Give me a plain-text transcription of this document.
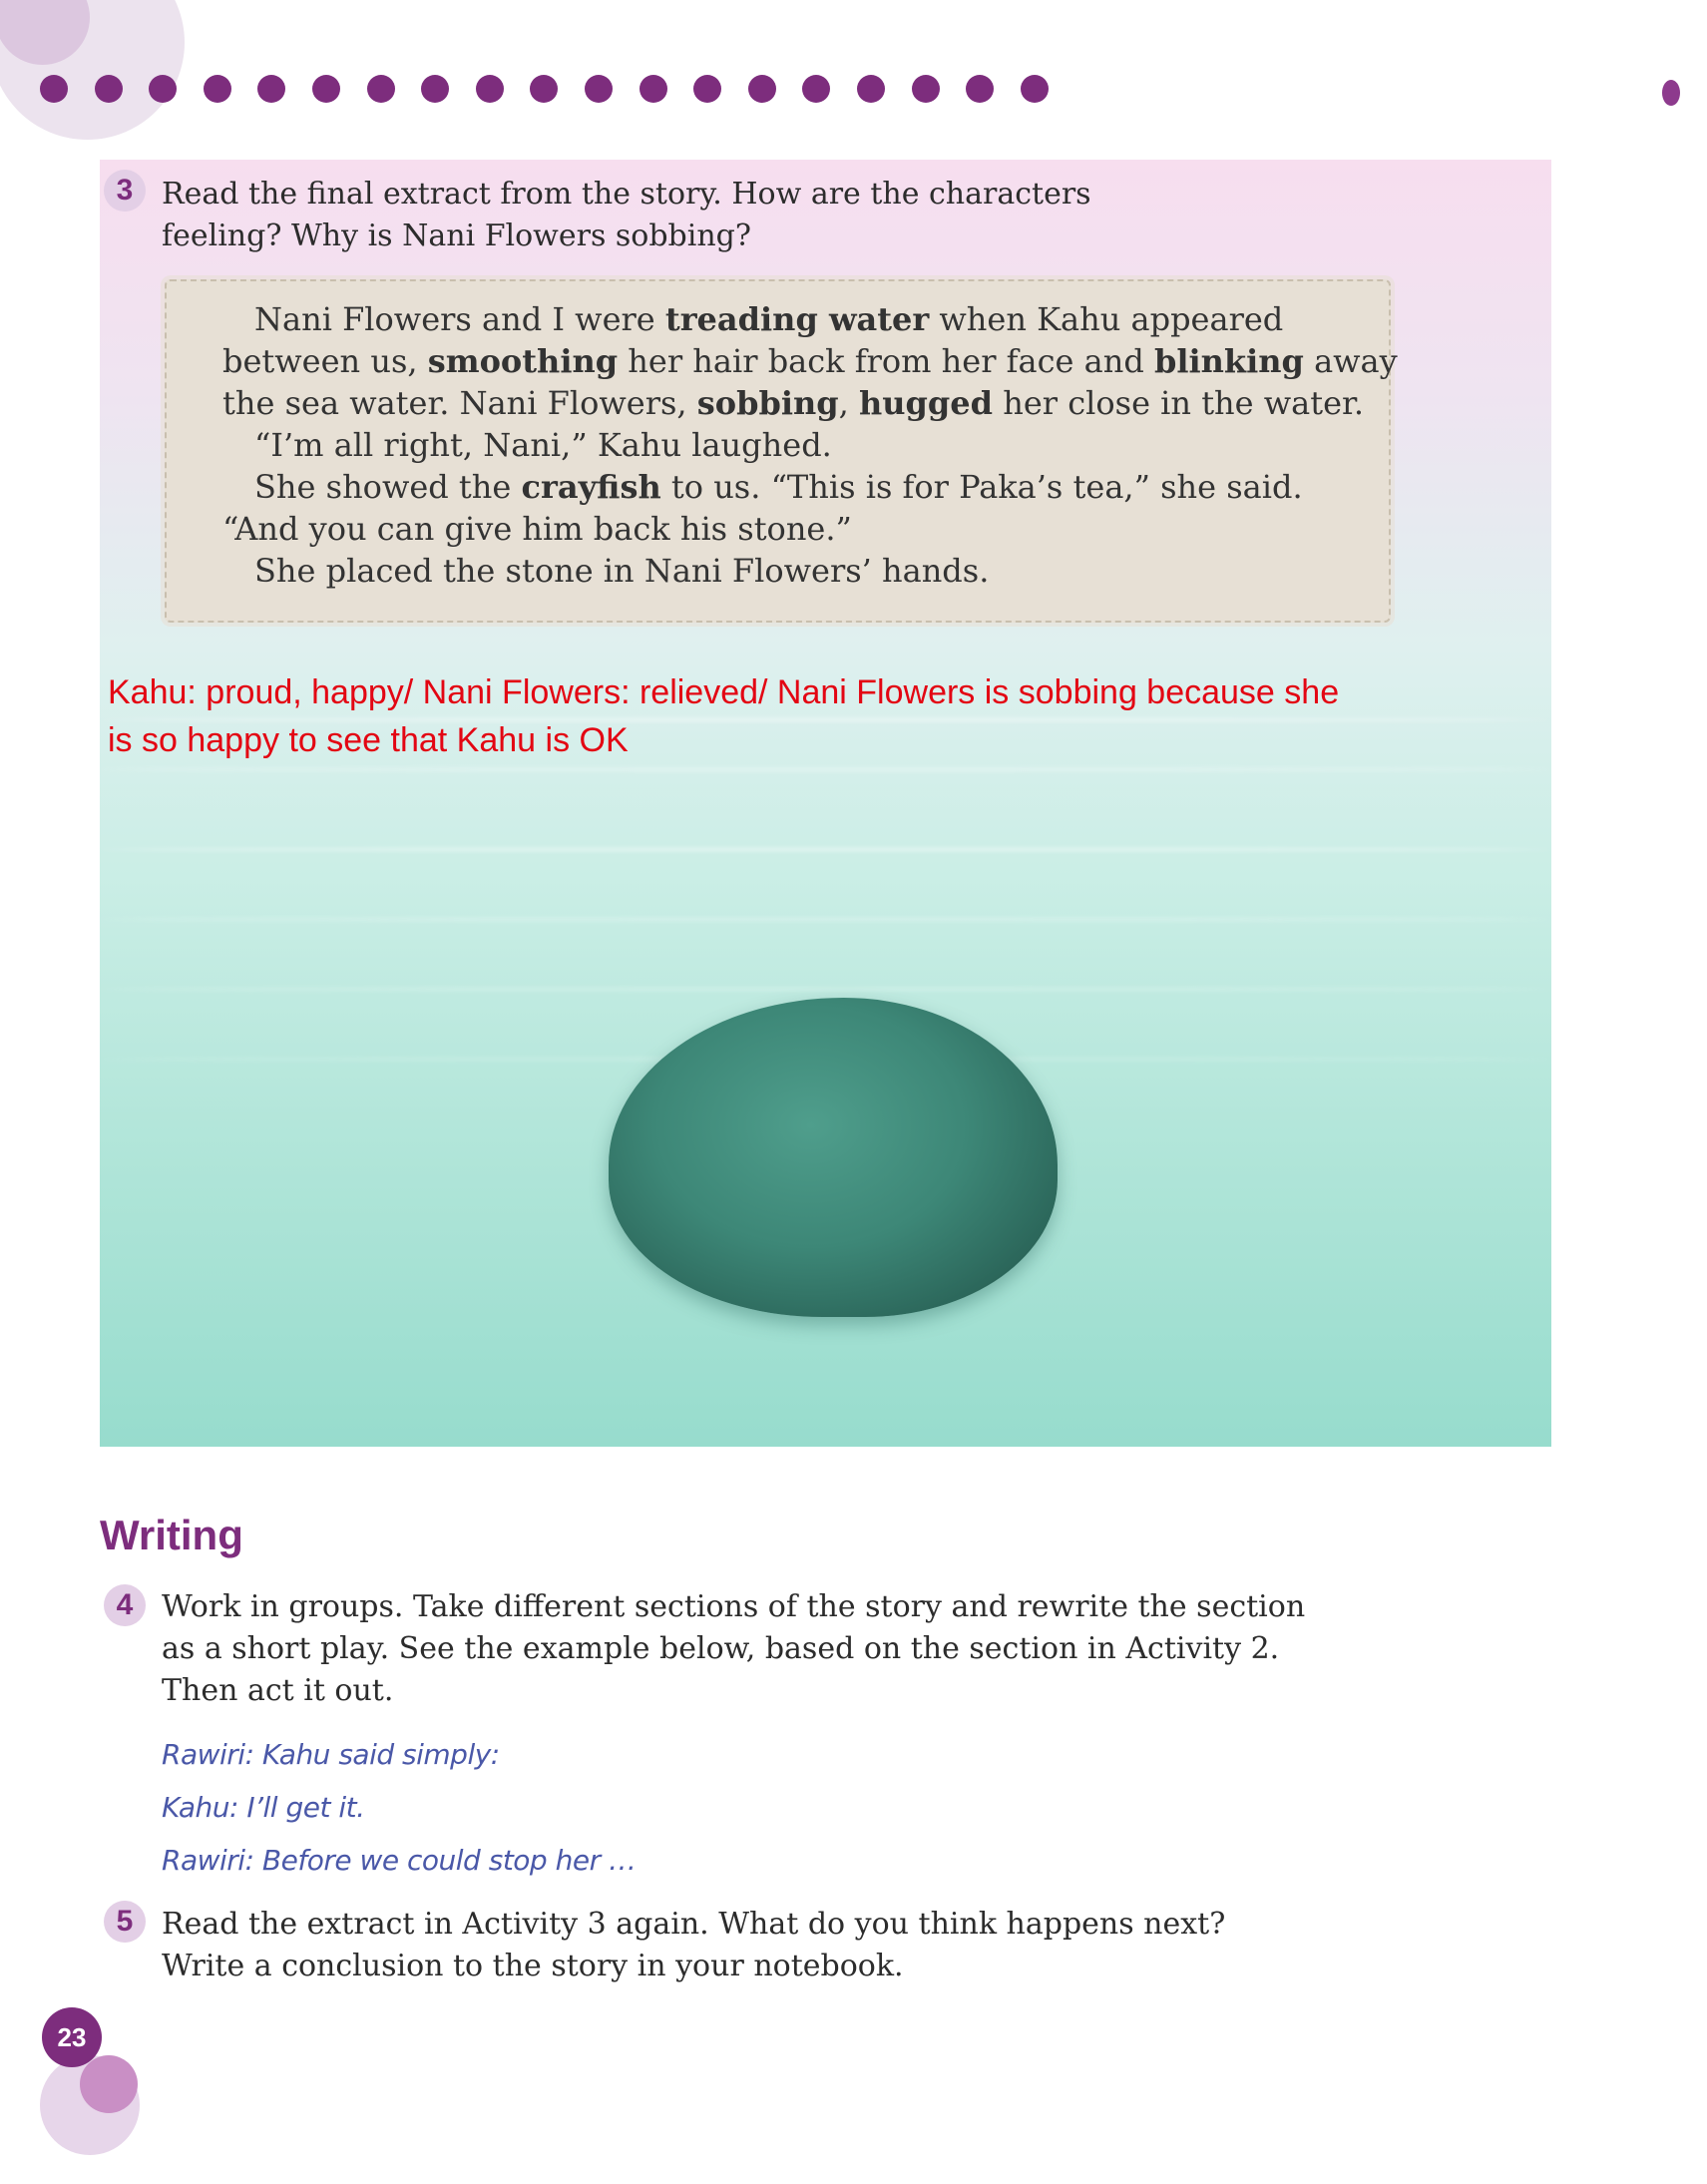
3 Read the final extract from the story. How are the characters
feeling? Why is Nani Flowers sobbing?
Nani Flowers and I were treading water when Kahu appeared
between us, smoothing her hair back from her face and blinking away
the sea water. Nani Flowers, sobbing, hugged her close in the water.
“I’m all right, Nani,” Kahu laughed.
She showed the crayfish to us. “This is for Paka’s tea,” she said.
“And you can give him back his stone.”
She placed the stone in Nani Flowers’ hands.
Kahu: proud, happy/ Nani Flowers: relieved/ Nani Flowers is sobbing because she
is so happy to see that Kahu is OK
Writing
4 Work in groups. Take different sections of the story and rewrite the section
as a short play. See the example below, based on the section in Activity 2.
Then act it out.
Rawiri: Kahu said simply:
Kahu: I’ll get it.
Rawiri: Before we could stop her …
5 Read the extract in Activity 3 again. What do you think happens next?
Write a conclusion to the story in your notebook.
23
